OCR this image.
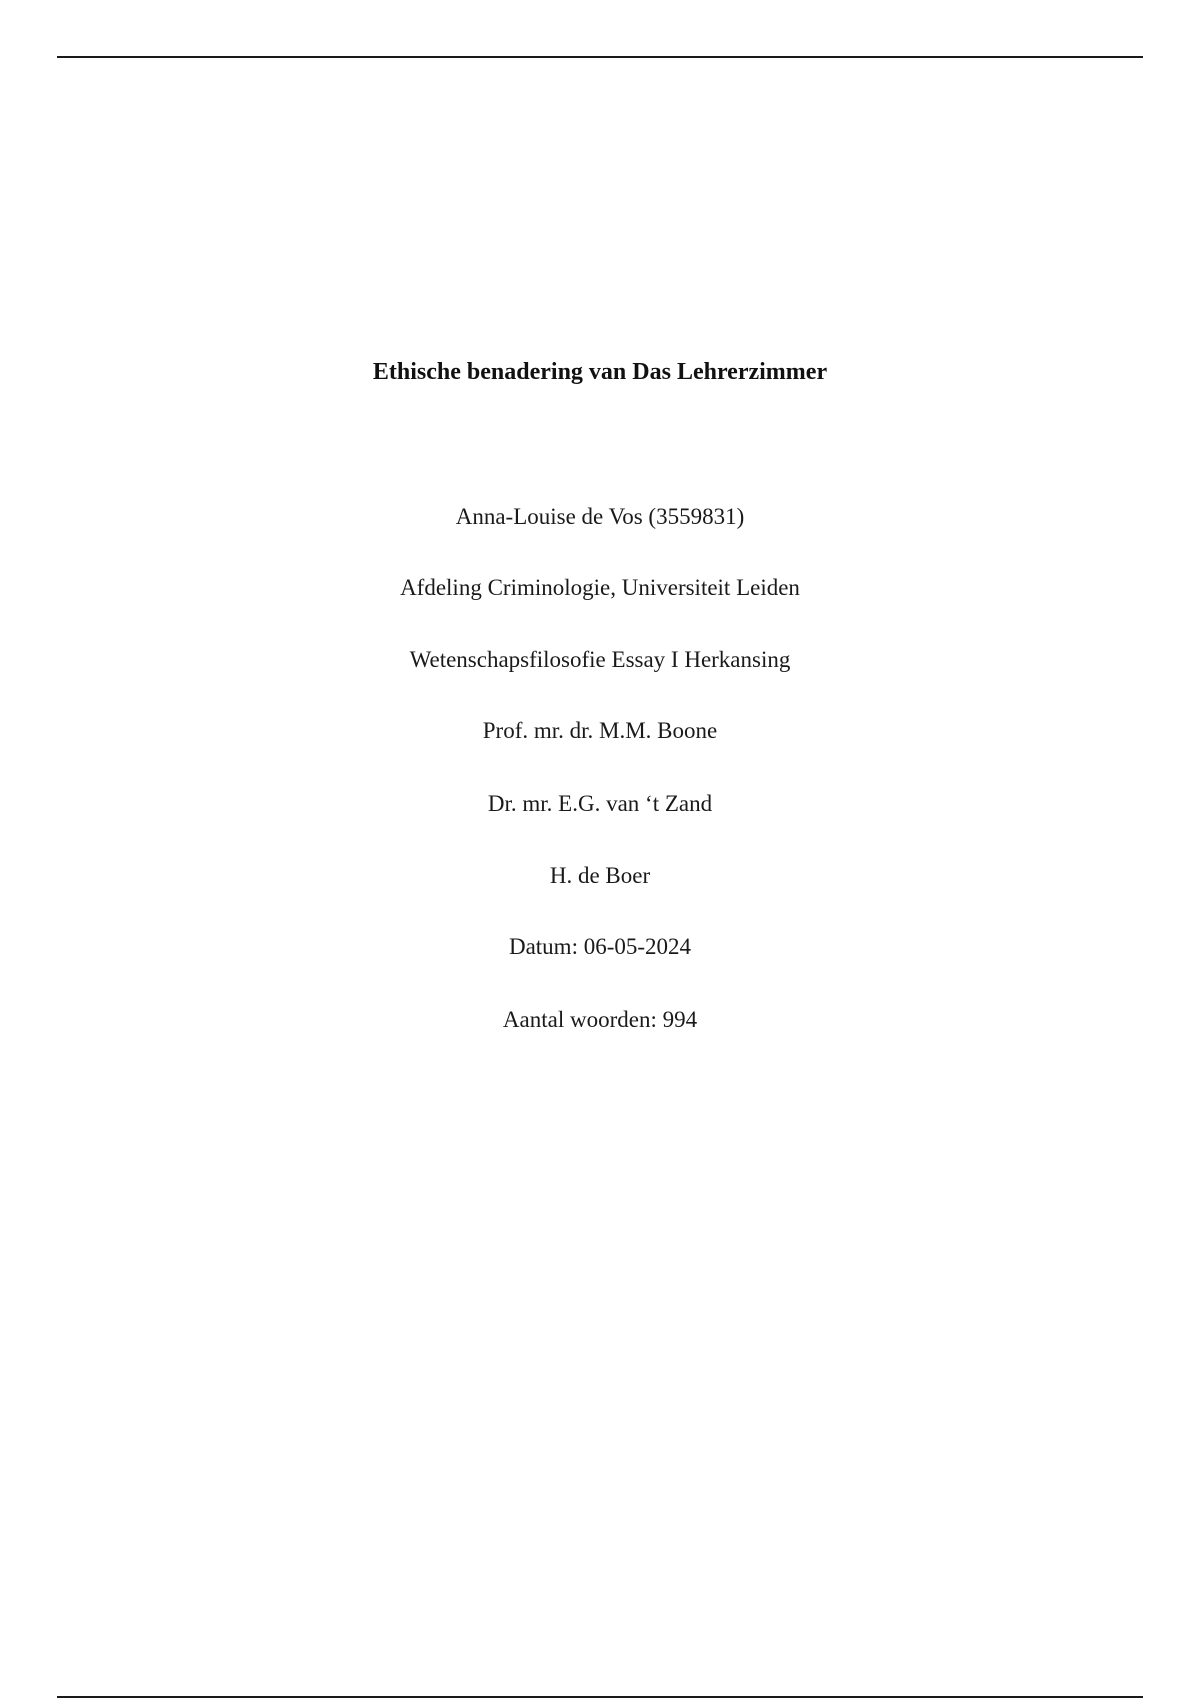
Ethische benadering van Das Lehrerzimmer
Anna-Louise de Vos (3559831)
Afdeling Criminologie, Universiteit Leiden
Wetenschapsfilosofie Essay I Herkansing
Prof. mr. dr. M.M. Boone
Dr. mr. E.G. van ‘t Zand
H. de Boer
Datum: 06-05-2024
Aantal woorden: 994
